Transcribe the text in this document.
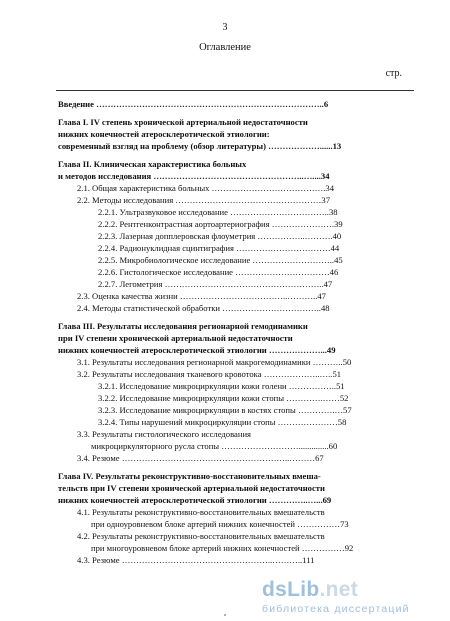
3
Оглавление
стр.
Введение ……………………………………………………………………..6
Глава I. IV степень хронической артериальной недостаточности
нижних конечностей атеросклеротической этиологии:
современный взгляд на проблему (обзор литературы) ………………......13
Глава II. Клиническая характеристика больных
и методов исследования ……………………………………………..…....34
2.1. Общая характеристика больных ………………………………….34
2.2. Методы исследования ……………………………………………37
2.2.1. Ультразвуковое исследование ……………………………..38
2.2.2. Рентгенконтрастная аортоартериография ………………….39
2.2.3. Лазерная допплеровская флоуметрия ……………..……….40
2.2.4. Радионуклидная сцинтиграфия ……………………………44
2.2.5. Микробиологическое исследование ………………………..45
2.2.6. Гистологическое исследование ……………………………46
2.2.7. Легометрия ………………………………………………..47
2.3. Оценка качества жизни ………………………………..………..47
2.4. Методы статистической обработки ……………………………..48
Глава III. Результаты исследования регионарной гемодинамики
при IV степени хронической артериальной недостаточности
нижних конечностей атеросклеротической этиологии ………………...49
3.1. Результаты исследования регионарной макрогемодинамики ………..50
3.2. Результаты исследования тканевого кровотока ………………..…..51
3.2.1. Исследование микроциркуляции кожи голени ……………..51
3.2.2. Исследование микроциркуляции кожи стопы ………….……52
3.2.3. Исследование микроциркуляции в костях стопы ………….…57
3.2.4. Типы нарушений микроциркуляции стопы …………………58
3.3. Результаты гистологического исследования
микроциркуляторного русла стопы ………………………..............60
3.4. Резюме …………………………………………………..………67
Глава IV. Результаты реконструктивно-восстановительных вмеша-
тельств при IV степени хронической артериальной недостаточности
нижних конечностей атеросклеротической этиологии …………..…...69
4.1. Результаты реконструктивно-восстановительных вмешательств
при одноуровневом блоке артерий нижних конечностей ……………73
4.2. Результаты реконструктивно-восстановительных вмешательств
при многоуровневом блоке артерий нижних конечностей ……………92
4.3. Резюме ……………………………………………..………..111
dsLib.net
библиотека диссертаций
